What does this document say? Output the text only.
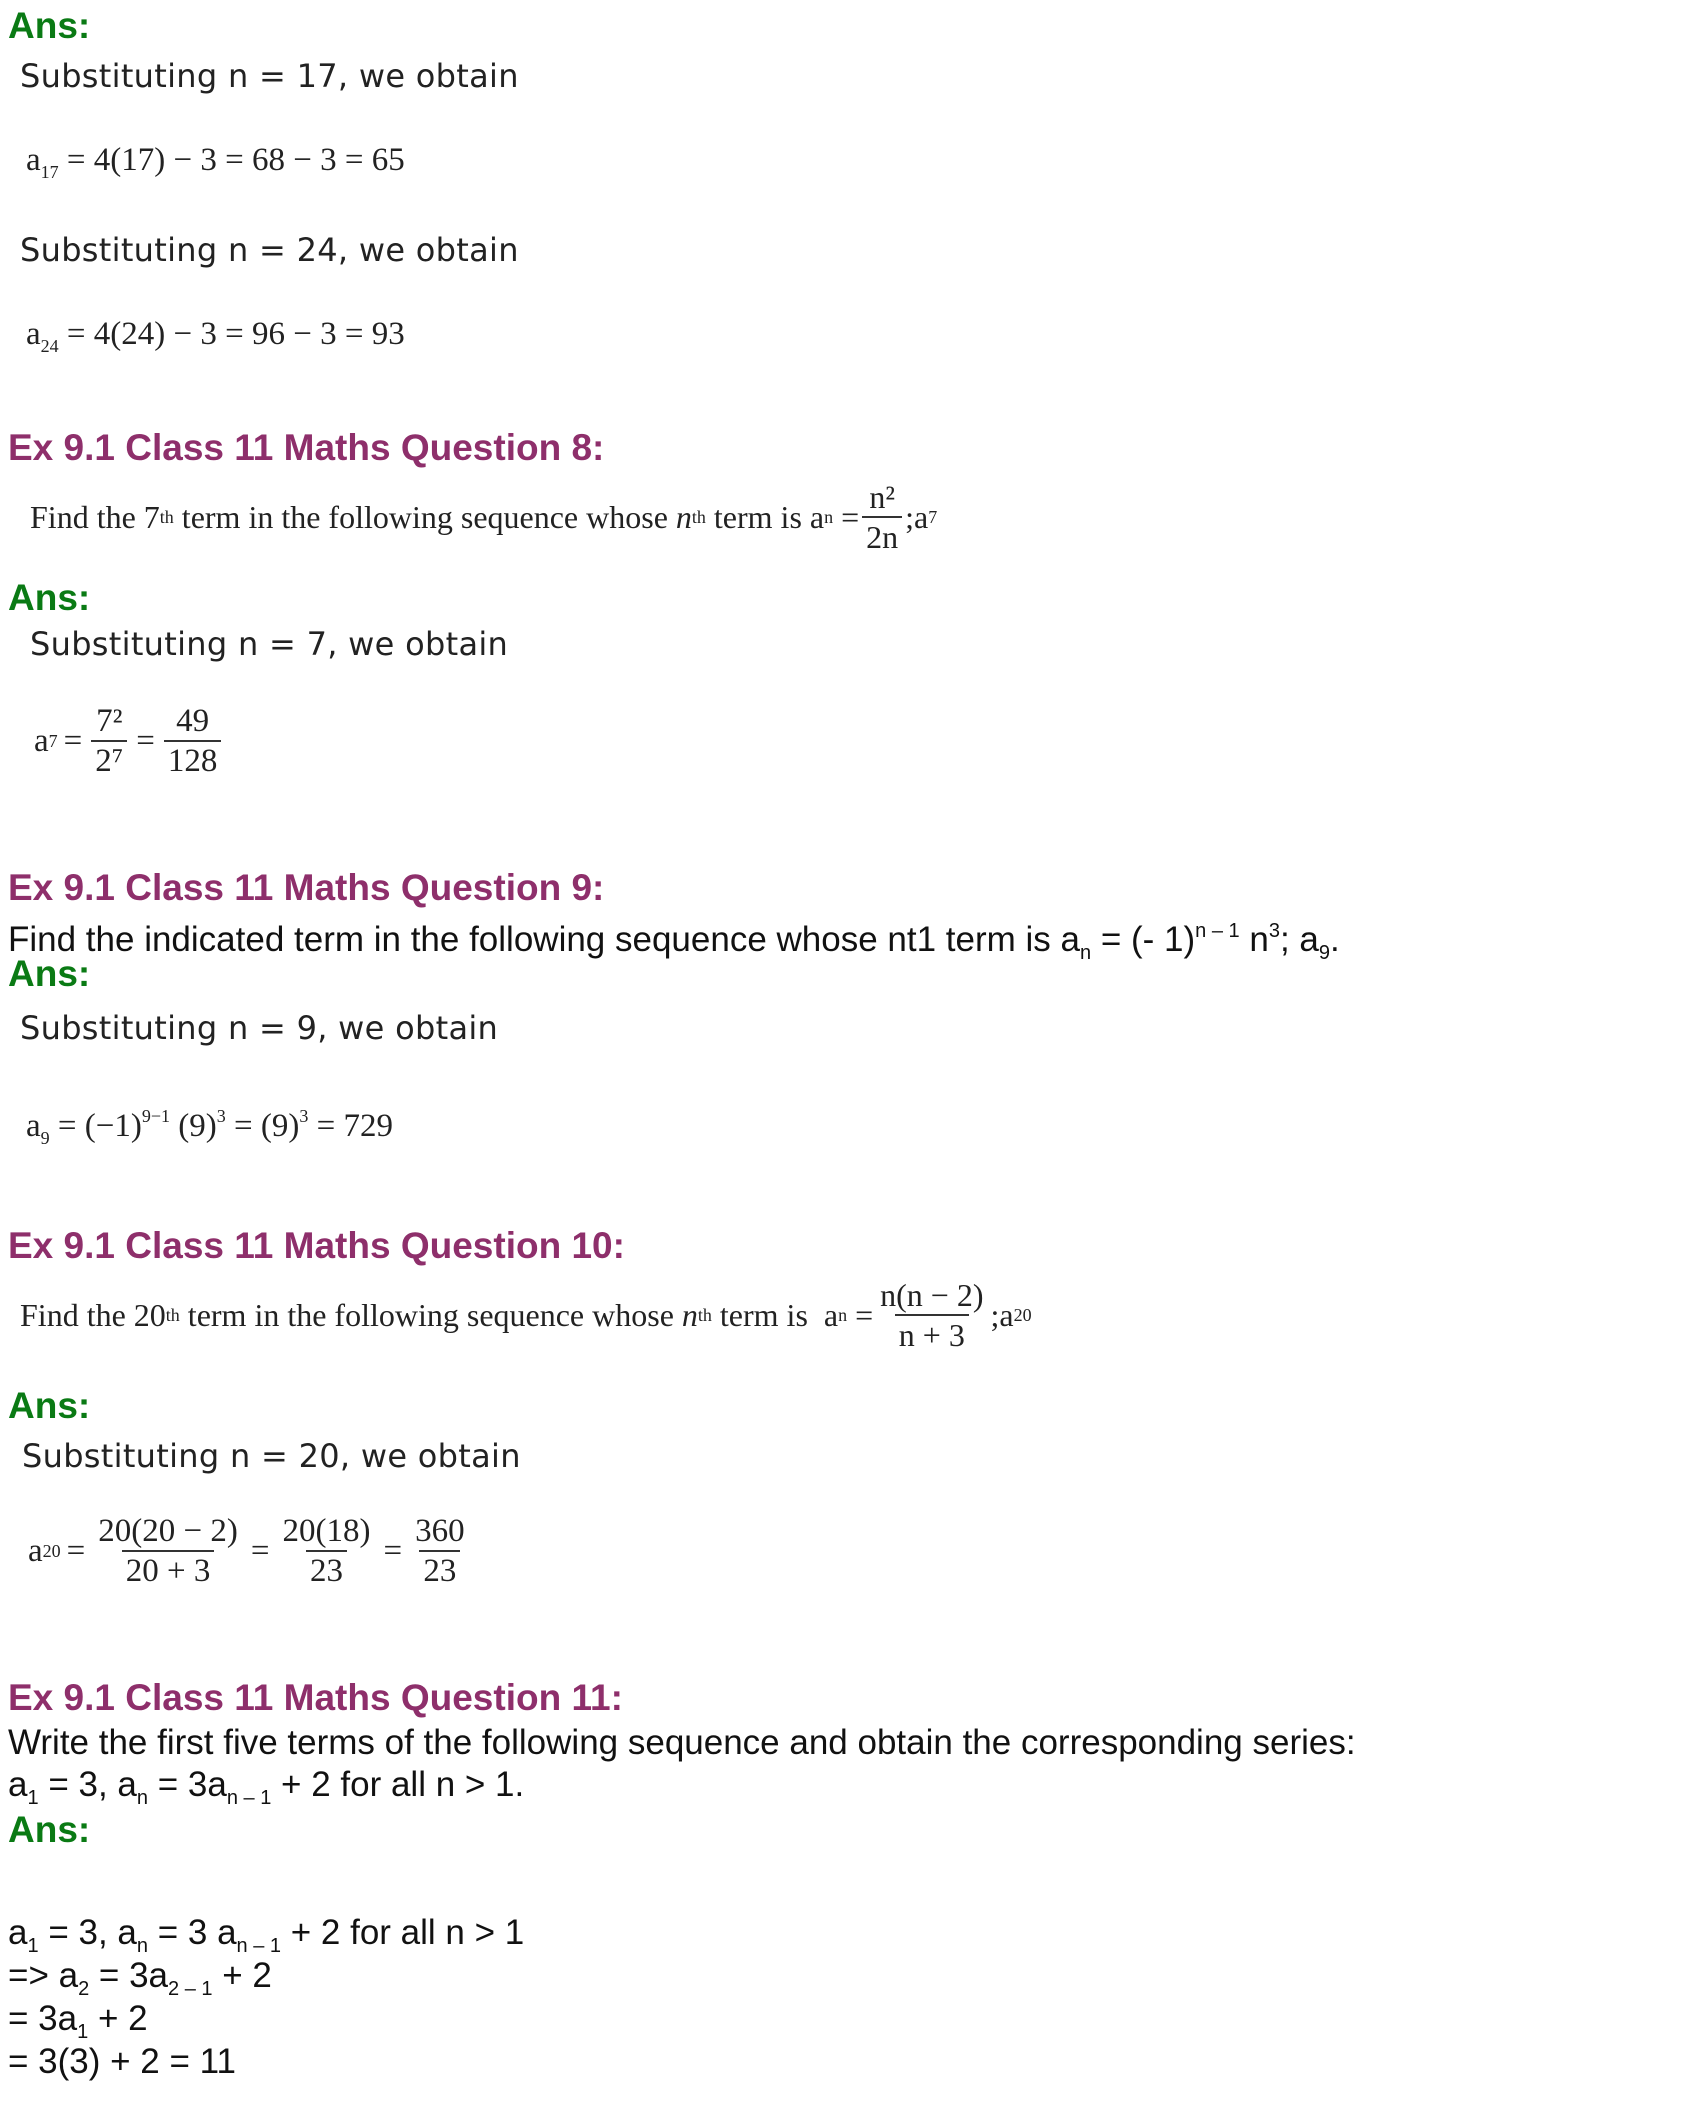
Ans:
Substituting n = 17, we obtain
$a_{17} = 4(17) - 3 = 68 - 3 = 65$
Substituting n = 24, we obtain
$a_{24} = 4(24) - 3 = 96 - 3 = 93$
Ex 9.1 Class 11 Maths Question 8:
Find the 7 th term in the following sequence whose n th term is a $n = \frac{\text{n²}}{2n}$ ;a 7
Ans:
Substituting n = 7, we obtain
a $7 = \frac{\text{7²}}{\text{2⁷}} = \frac{49}{128}$
Ex 9.1 Class 11 Maths Question 9:
Find the indicated term in the following sequence whose nt1 term is $a_n$ = (- 1)$^{n - 1}$ $n^3$; $a_9$.
Ans:
Substituting n = 9, we obtain
$a_9 = (-1)^{9-1}$ $(9)^3 = (9)^3 = 729$
Ex 9.1 Class 11 Maths Question 10:
Find the 20 th term in the following sequence whose n th term is  a $n = \frac{n(n - 2)}{n + 3}$ ;a 20
Ans:
Substituting n = 20, we obtain
a $20 = \frac{20(20 - 2)}{20 + 3} = \frac{20(18)}{23} = \frac{360}{23}$
Ex 9.1 Class 11 Maths Question 11:
Write the first five terms of the following sequence and obtain the corresponding series:
$a_1 = 3$, $a_n = 3a_{n - 1} + 2$ for all n > 1.
Ans:
$a_1 = 3$, $a_n = 3$ $a_{n - 1} + 2$ for all n > 1
=> $a_2 = 3a_{2 - 1} + 2$
= $3a_1 + 2$
= 3(3) + 2 = 11
